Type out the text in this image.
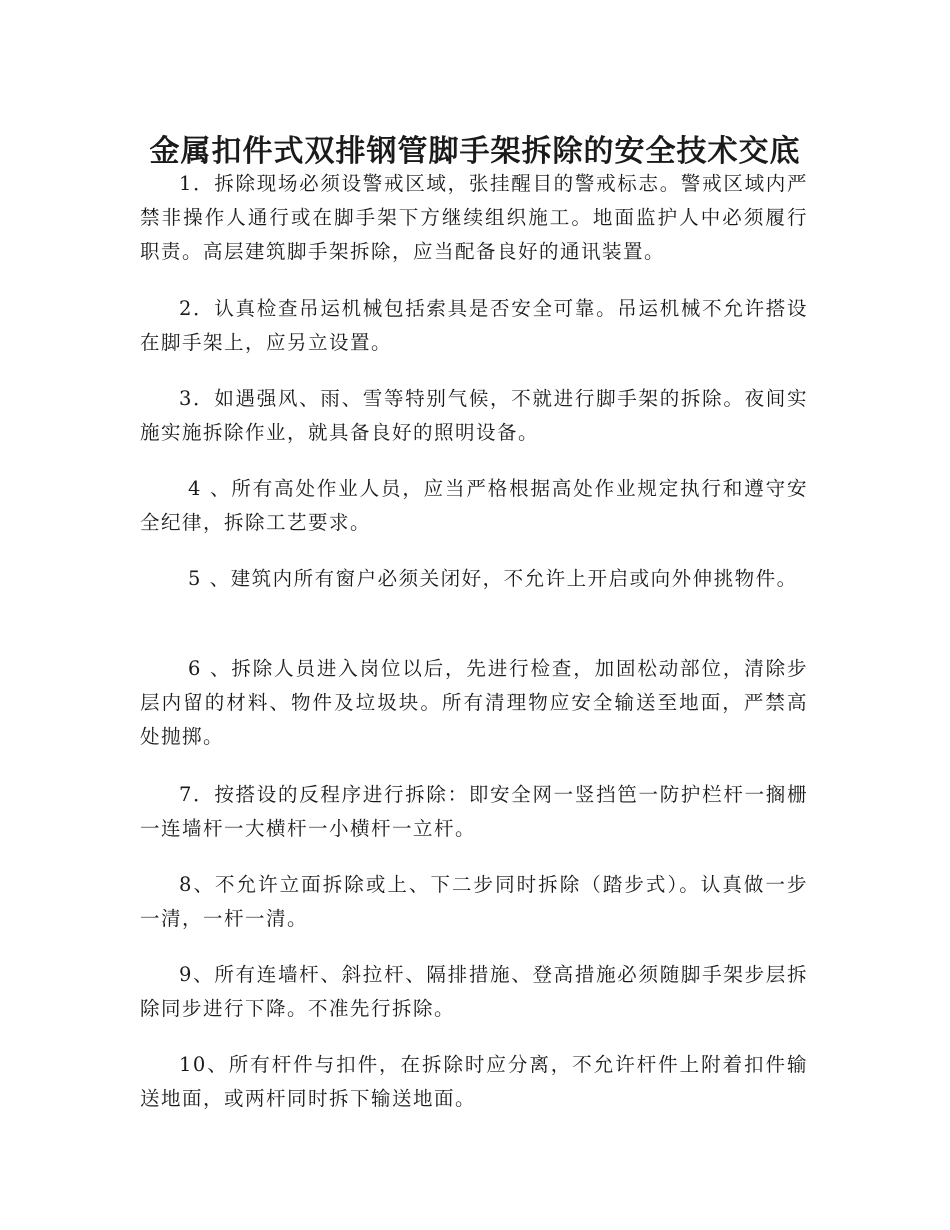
金属扣件式双排钢管脚手架拆除的安全技术交底

1．拆除现场必须设警戒区域，张挂醒目的警戒标志。警戒区域内严禁非操作人通行或在脚手架下方继续组织施工。地面监护人中必须履行职责。高层建筑脚手架拆除，应当配备良好的通讯装置。

2．认真检查吊运机械包括索具是否安全可靠。吊运机械不允许搭设在脚手架上，应另立设置。

3．如遇强风、雨、雪等特别气候，不就进行脚手架的拆除。夜间实施实施拆除作业，就具备良好的照明设备。

4 、所有高处作业人员，应当严格根据高处作业规定执行和遵守安全纪律，拆除工艺要求。

5 、建筑内所有窗户必须关闭好，不允许上开启或向外伸挑物件。

6 、拆除人员进入岗位以后，先进行检查，加固松动部位，清除步层内留的材料、物件及垃圾块。所有清理物应安全输送至地面，严禁高处抛掷。

7．按搭设的反程序进行拆除：即安全网一竖挡笆一防护栏杆一搁栅一连墙杆一大横杆一小横杆一立杆。

8、不允许立面拆除或上、下二步同时拆除（踏步式）。认真做一步一清，一杆一清。

9、所有连墙杆、斜拉杆、隔排措施、登高措施必须随脚手架步层拆除同步进行下降。不准先行拆除。

10、所有杆件与扣件，在拆除时应分离，不允许杆件上附着扣件输送地面，或两杆同时拆下输送地面。
